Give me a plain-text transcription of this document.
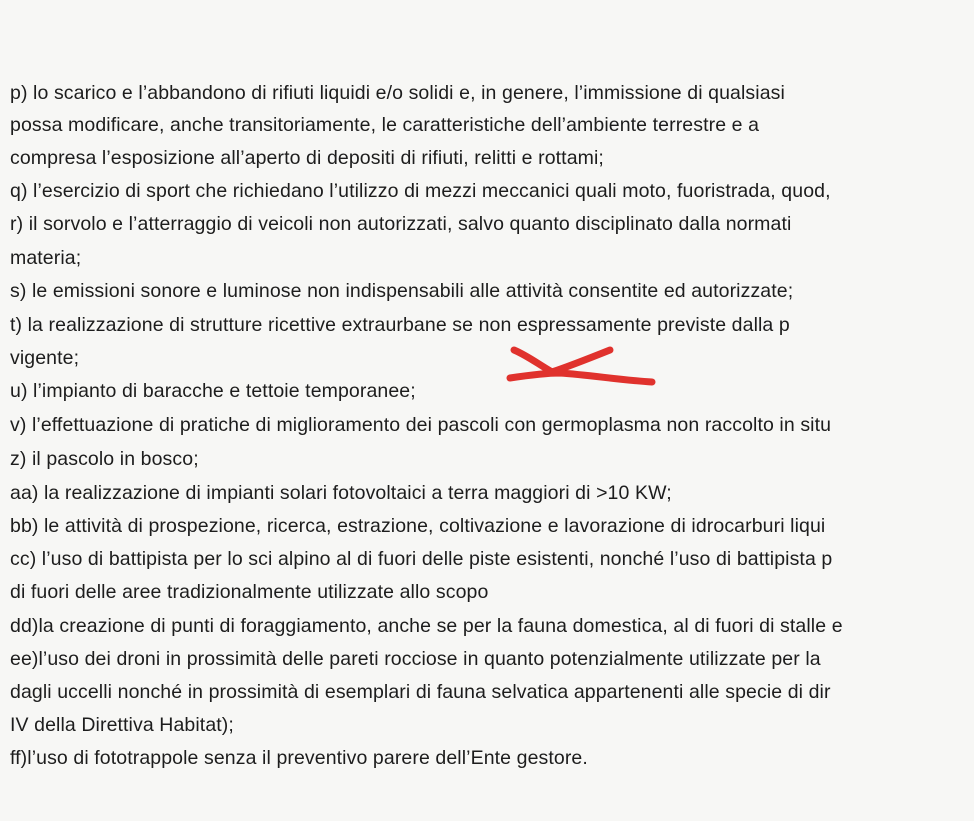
p) lo scarico e l’abbandono di rifiuti liquidi e/o solidi e, in genere, l’immissione di qualsiasi
possa modificare, anche transitoriamente, le caratteristiche dell’ambiente terrestre e a
compresa l’esposizione all’aperto di depositi di rifiuti, relitti e rottami;
q) l’esercizio di sport che richiedano l’utilizzo di mezzi meccanici quali moto, fuoristrada, quod,
r) il sorvolo e l’atterraggio di veicoli non autorizzati, salvo quanto disciplinato dalla normati
materia;
s) le emissioni sonore e luminose non indispensabili alle attività consentite ed autorizzate;
t) la realizzazione di strutture ricettive extraurbane se non espressamente previste dalla p
vigente;
u) l’impianto di baracche e tettoie temporanee;
v) l’effettuazione di pratiche di miglioramento dei pascoli con germoplasma non raccolto in situ
z) il pascolo in bosco;
aa) la realizzazione di impianti solari fotovoltaici a terra maggiori di >10 KW;
bb) le attività di prospezione, ricerca, estrazione, coltivazione e lavorazione di idrocarburi liqui
cc) l’uso di battipista per lo sci alpino al di fuori delle piste esistenti, nonché l’uso di battipista p
di fuori delle aree tradizionalmente utilizzate allo scopo
dd)la creazione di punti di foraggiamento, anche se per la fauna domestica, al di fuori di stalle e
ee)l’uso dei droni in prossimità delle pareti rocciose in quanto potenzialmente utilizzate per la
dagli uccelli nonché in prossimità di esemplari di fauna selvatica appartenenti alle specie di dir
IV della Direttiva Habitat);
ff)l’uso di fototrappole senza il preventivo parere dell’Ente gestore.
